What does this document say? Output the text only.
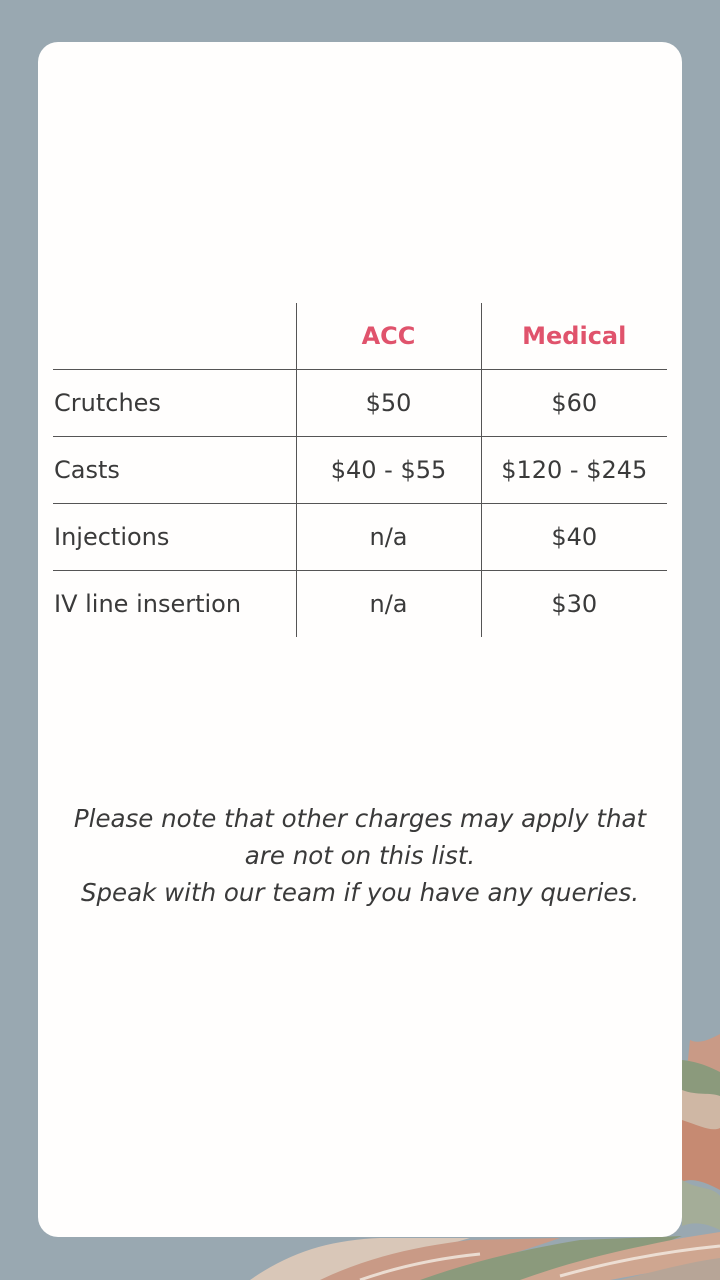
	ACC	Medical
Crutches	$50	$60
Casts	$40 - $55	$120 - $245
Injections	n/a	$40
IV line insertion	n/a	$30

Please note that other charges may apply that are not on this list.

Speak with our team if you have any queries.
